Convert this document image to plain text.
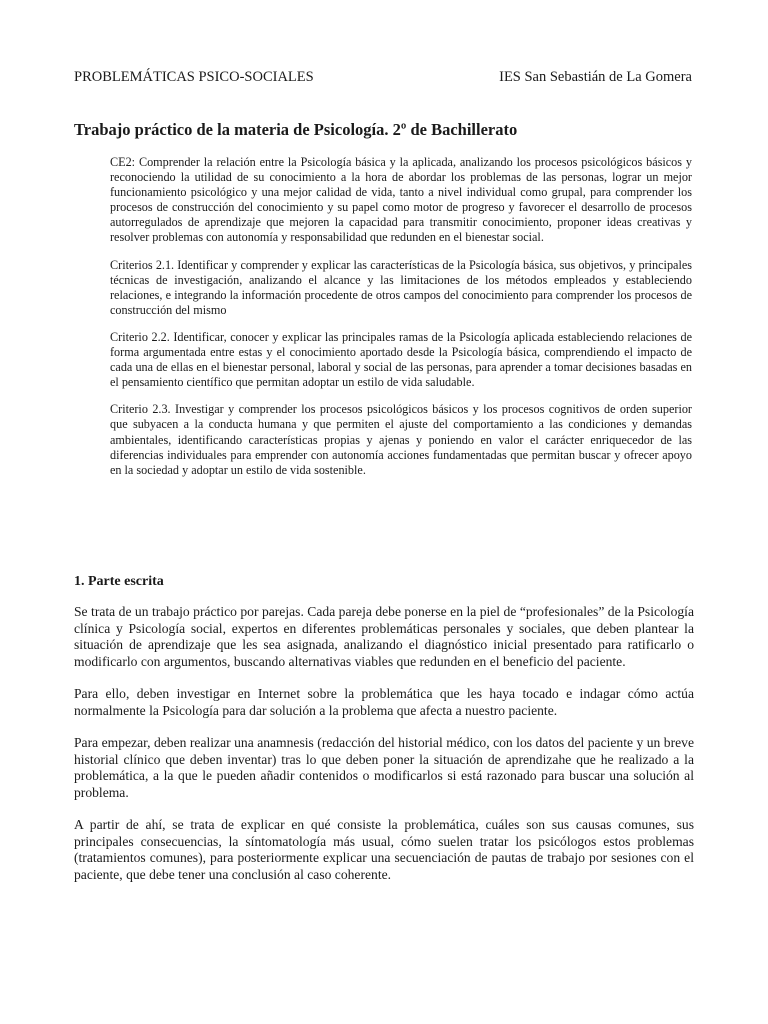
PROBLEMÁTICAS PSICO-SOCIALES	IES San Sebastián de La Gomera
Trabajo práctico de la materia de Psicología. 2º de Bachillerato

CE2: Comprender la relación entre la Psicología básica y la aplicada, analizando los procesos psicológicos básicos y reconociendo la utilidad de su conocimiento a la hora de abordar los problemas de las personas, lograr un mejor funcionamiento psicológico y una mejor calidad de vida, tanto a nivel individual como grupal, para comprender los procesos de construcción del conocimiento y su papel como motor de progreso y favorecer el desarrollo de procesos autorregulados de aprendizaje que mejoren la capacidad para transmitir conocimiento, proponer ideas creativas y resolver problemas con autonomía y responsabilidad que redunden en el bienestar social.

Criterios 2.1. Identificar y comprender y explicar las características de la Psicología básica, sus objetivos, y principales técnicas de investigación, analizando el alcance y las limitaciones de los métodos empleados y estableciendo relaciones, e integrando la información procedente de otros campos del conocimiento para comprender los procesos de construcción del mismo

Criterio 2.2. Identificar, conocer y explicar las principales ramas de la Psicología aplicada estableciendo relaciones de forma argumentada entre estas y el conocimiento aportado desde la Psicología básica, comprendiendo el impacto de cada una de ellas en el bienestar personal, laboral y social de las personas, para aprender a tomar decisiones basadas en el pensamiento científico que permitan adoptar un estilo de vida saludable.

Criterio 2.3. Investigar y comprender los procesos psicológicos básicos y los procesos cognitivos de orden superior que subyacen a la conducta humana y que permiten el ajuste del comportamiento a las condiciones y demandas ambientales, identificando características propias y ajenas y poniendo en valor el carácter enriquecedor de las diferencias individuales para emprender con autonomía acciones fundamentadas que permitan buscar y ofrecer apoyo en la sociedad y adoptar un estilo de vida sostenible.

1. Parte escrita

Se trata de un trabajo práctico por parejas. Cada pareja debe ponerse en la piel de “profesionales” de la Psicología clínica y Psicología social, expertos en diferentes problemáticas personales y sociales, que deben plantear la situación de aprendizaje que les sea asignada, analizando el diagnóstico inicial presentado para ratificarlo o modificarlo con argumentos, buscando alternativas viables que redunden en el beneficio del paciente.

Para ello, deben investigar en Internet sobre la problemática que les haya tocado e indagar cómo actúa normalmente la Psicología para dar solución a la problema que afecta a nuestro paciente.

Para empezar, deben realizar una anamnesis (redacción del historial médico, con los datos del paciente y un breve historial clínico que deben inventar) tras lo que deben poner la situación de aprendizahe que he realizado a la problemática, a la que le pueden añadir contenidos o modificarlos si está razonado para buscar una solución al problema.

A partir de ahí, se trata de explicar en qué consiste la problemática, cuáles son sus causas comunes, sus principales consecuencias, la síntomatología más usual, cómo suelen tratar los psicólogos estos problemas (tratamientos comunes), para posteriormente explicar una secuenciación de pautas de trabajo por sesiones con el paciente, que debe tener una conclusión al caso coherente.
